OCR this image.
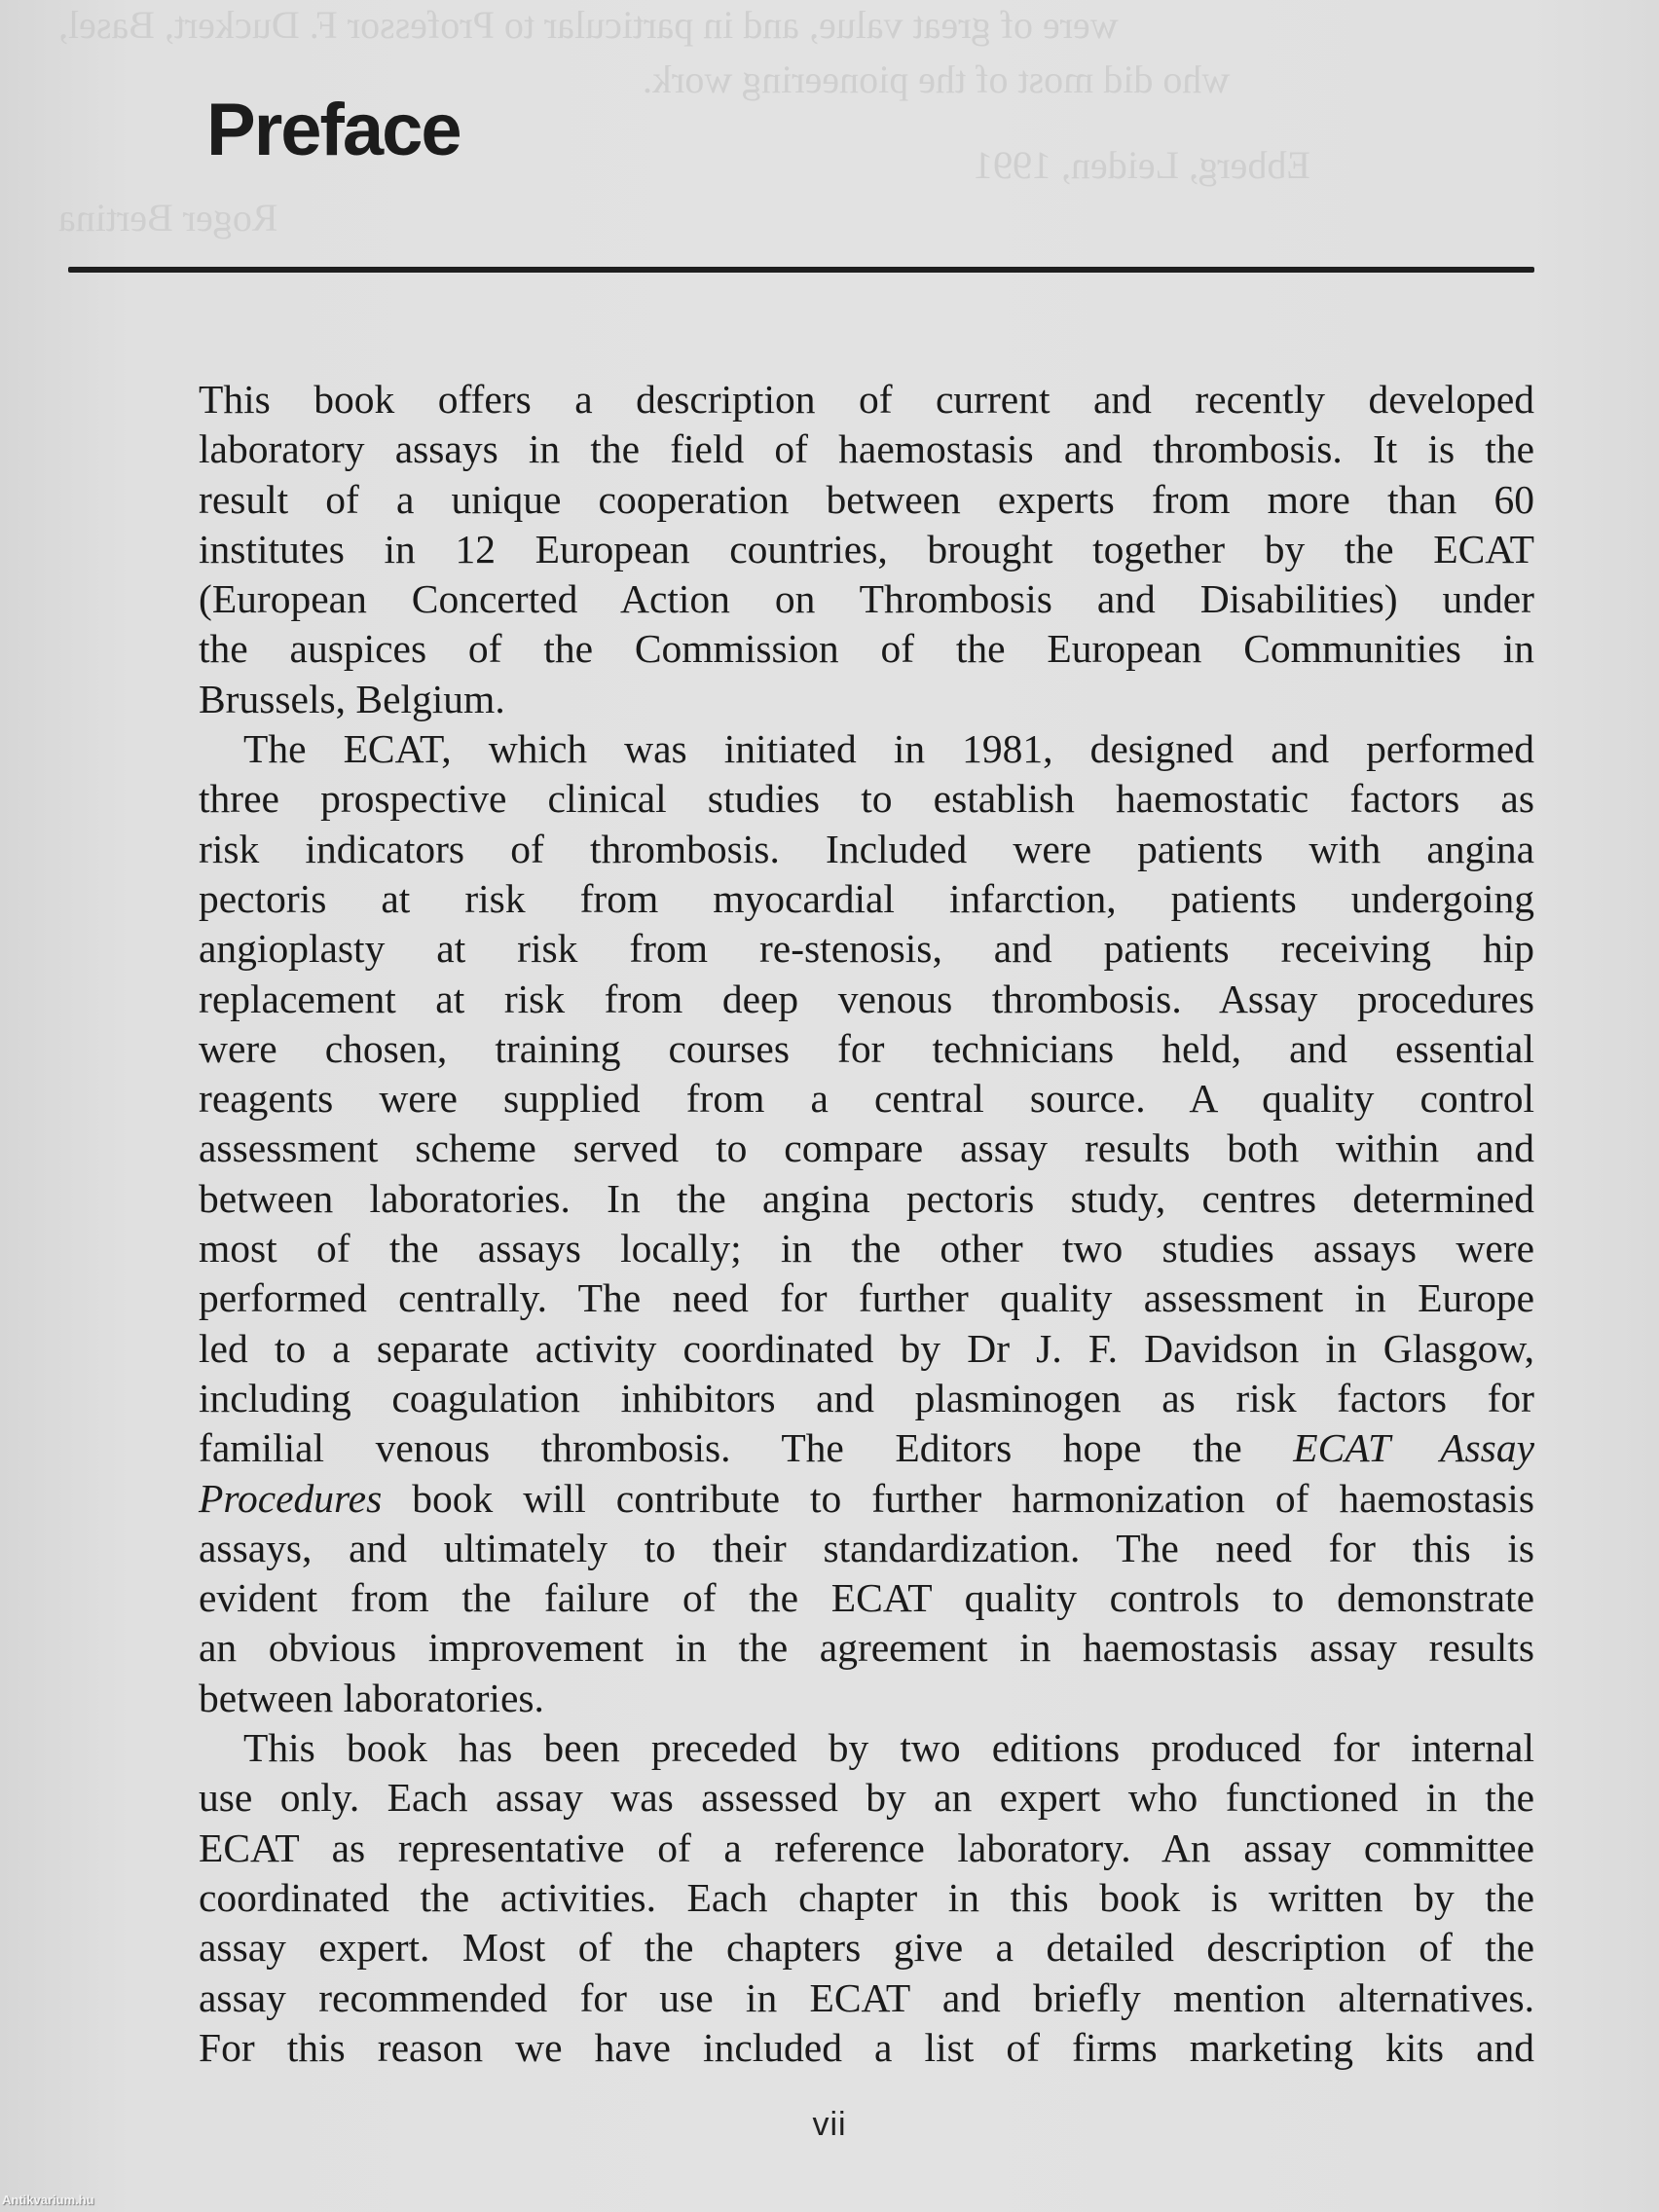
were of great value, and in particular to Professor F. Duckert, Basel,
who did most of the pioneering work.
Ebberg, Leiden, 1991
Roger Bertina
Preface
This book offers a description of current and recently developed
laboratory assays in the field of haemostasis and thrombosis. It is the
result of a unique cooperation between experts from more than 60
institutes in 12 European countries, brought together by the ECAT
(European Concerted Action on Thrombosis and Disabilities) under
the auspices of the Commission of the European Communities in
Brussels, Belgium.
The ECAT, which was initiated in 1981, designed and performed
three prospective clinical studies to establish haemostatic factors as
risk indicators of thrombosis. Included were patients with angina
pectoris at risk from myocardial infarction, patients undergoing
angioplasty at risk from re-stenosis, and patients receiving hip
replacement at risk from deep venous thrombosis. Assay procedures
were chosen, training courses for technicians held, and essential
reagents were supplied from a central source. A quality control
assessment scheme served to compare assay results both within and
between laboratories. In the angina pectoris study, centres determined
most of the assays locally; in the other two studies assays were
performed centrally. The need for further quality assessment in Europe
led to a separate activity coordinated by Dr J. F. Davidson in Glasgow,
including coagulation inhibitors and plasminogen as risk factors for
familial venous thrombosis. The Editors hope the ECAT Assay
Procedures book will contribute to further harmonization of haemostasis
assays, and ultimately to their standardization. The need for this is
evident from the failure of the ECAT quality controls to demonstrate
an obvious improvement in the agreement in haemostasis assay results
between laboratories.
This book has been preceded by two editions produced for internal
use only. Each assay was assessed by an expert who functioned in the
ECAT as representative of a reference laboratory. An assay committee
coordinated the activities. Each chapter in this book is written by the
assay expert. Most of the chapters give a detailed description of the
assay recommended for use in ECAT and briefly mention alternatives.
For this reason we have included a list of firms marketing kits and
vii
Antikvarium.hu
